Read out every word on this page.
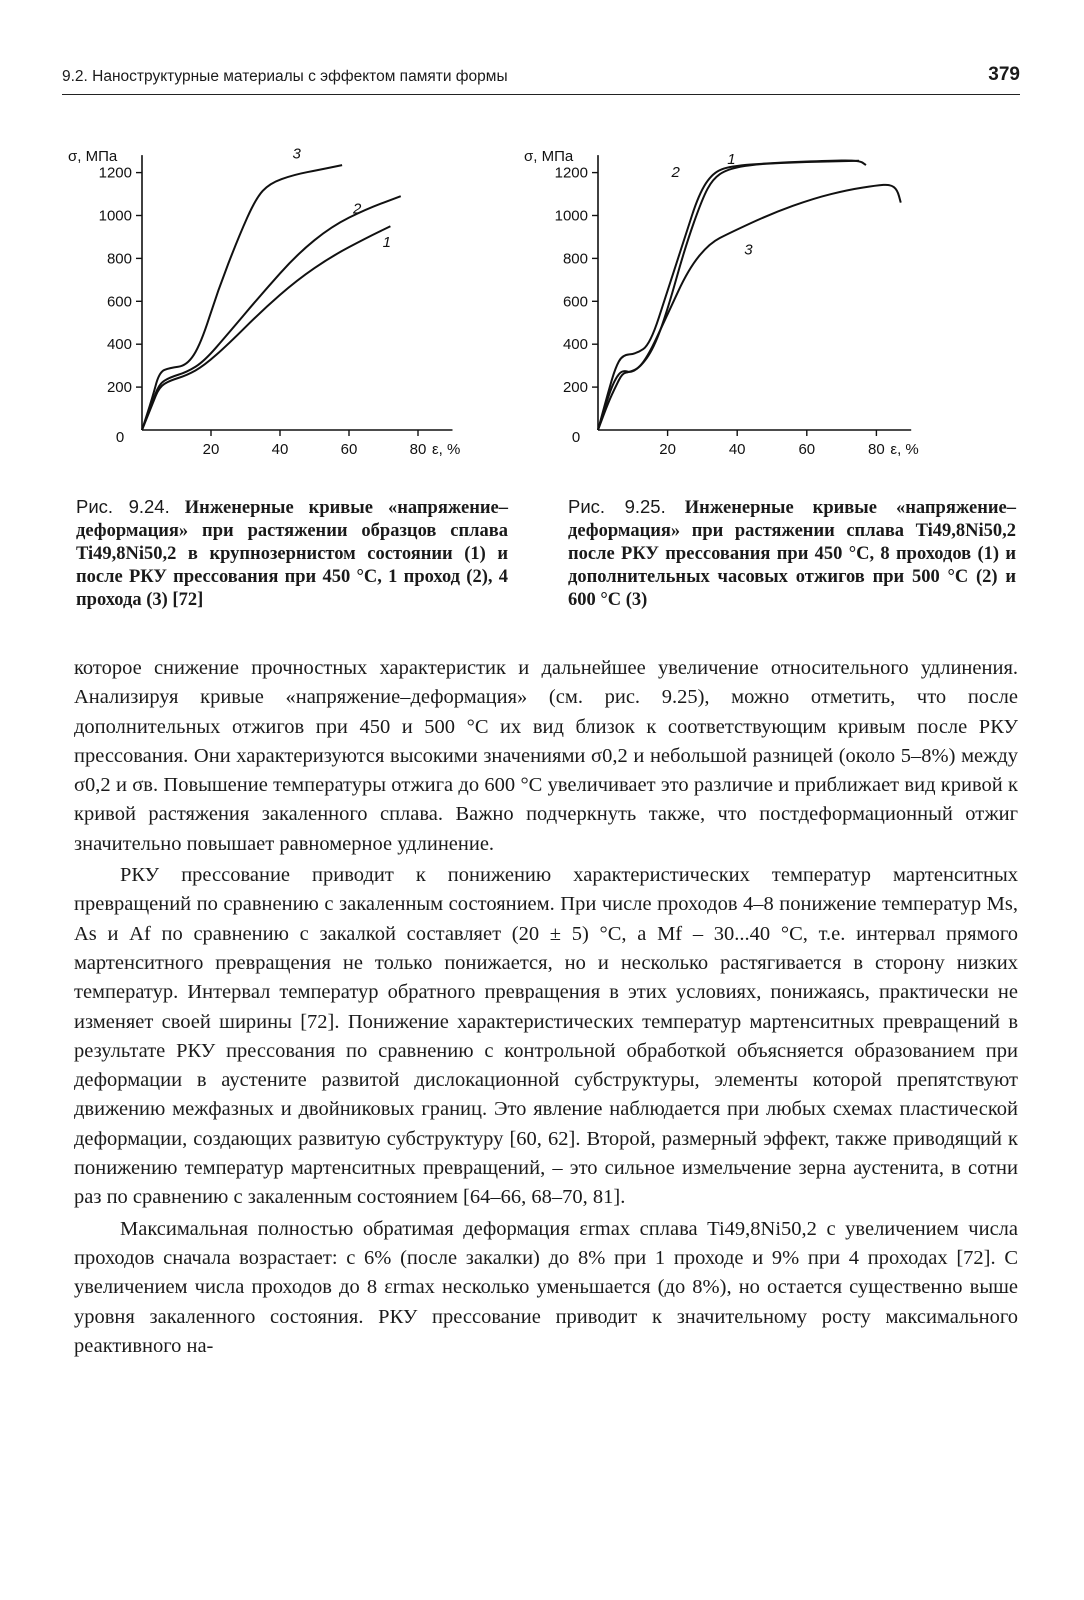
9.2. Наноструктурные материалы с эффектом памяти формы	379
σ, МПа
200
400
600
800
1000
1200
20	40	60	80 ε, %
0
1
2
3	σ, МПа
200
400
600
800
1000
1200
20	40	60	80 ε, %
0
1
2
3
Рис. 9.24. Инженерные кривые «напряжение–деформация» при растяжении образцов сплава Ti49,8Ni50,2 в крупнозернистом состоянии (1) и после РКУ прессования при 450 °С, 1 проход (2), 4 прохода (3) [72]
Рис. 9.25. Инженерные кривые «напряжение–деформация» при растяжении сплава Ti49,8Ni50,2 после РКУ прессования при 450 °С, 8 проходов (1) и дополнительных часовых отжигов при 500 °С (2) и 600 °С (3)

которое снижение прочностных характеристик и дальнейшее увеличение относительного удлинения. Анализируя кривые «напряжение–деформация» (см. рис. 9.25), можно отметить, что после дополнительных отжигов при 450 и 500 °С их вид близок к соответствующим кривым после РКУ прессования. Они характеризуются высокими значениями σ0,2 и небольшой разницей (около 5–8%) между σ0,2 и σв. Повышение температуры отжига до 600 °С увеличивает это различие и приближает вид кривой к кривой растяжения закаленного сплава. Важно подчеркнуть также, что постдеформационный отжиг значительно повышает равномерное удлинение.

РКУ прессование приводит к понижению характеристических температур мартенситных превращений по сравнению с закаленным состоянием. При числе проходов 4–8 понижение температур Ms, As и Af по сравнению с закалкой составляет (20 ± 5) °С, а Mf – 30...40 °С, т.е. интервал прямого мартенситного превращения не только понижается, но и несколько растягивается в сторону низких температур. Интервал температур обратного превращения в этих условиях, понижаясь, практически не изменяет своей ширины [72]. Понижение характеристических температур мартенситных превращений в результате РКУ прессования по сравнению с контрольной обработкой объясняется образованием при деформации в аустените развитой дислокационной субструктуры, элементы которой препятствуют движению межфазных и двойниковых границ. Это явление наблюдается при любых схемах пластической деформации, создающих развитую субструктуру [60, 62]. Второй, размерный эффект, также приводящий к понижению температур мартенситных превращений, – это сильное измельчение зерна аустенита, в сотни раз по сравнению с закаленным состоянием [64–66, 68–70, 81].

Максимальная полностью обратимая деформация εrmax сплава Ti49,8Ni50,2 с увеличением числа проходов сначала возрастает: с 6% (после закалки) до 8% при 1 проходе и 9% при 4 проходах [72]. С увеличением числа проходов до 8 εrmax несколько уменьшается (до 8%), но остается существенно выше уровня закаленного состояния. РКУ прессование приводит к значительному росту максимального реактивного на-
